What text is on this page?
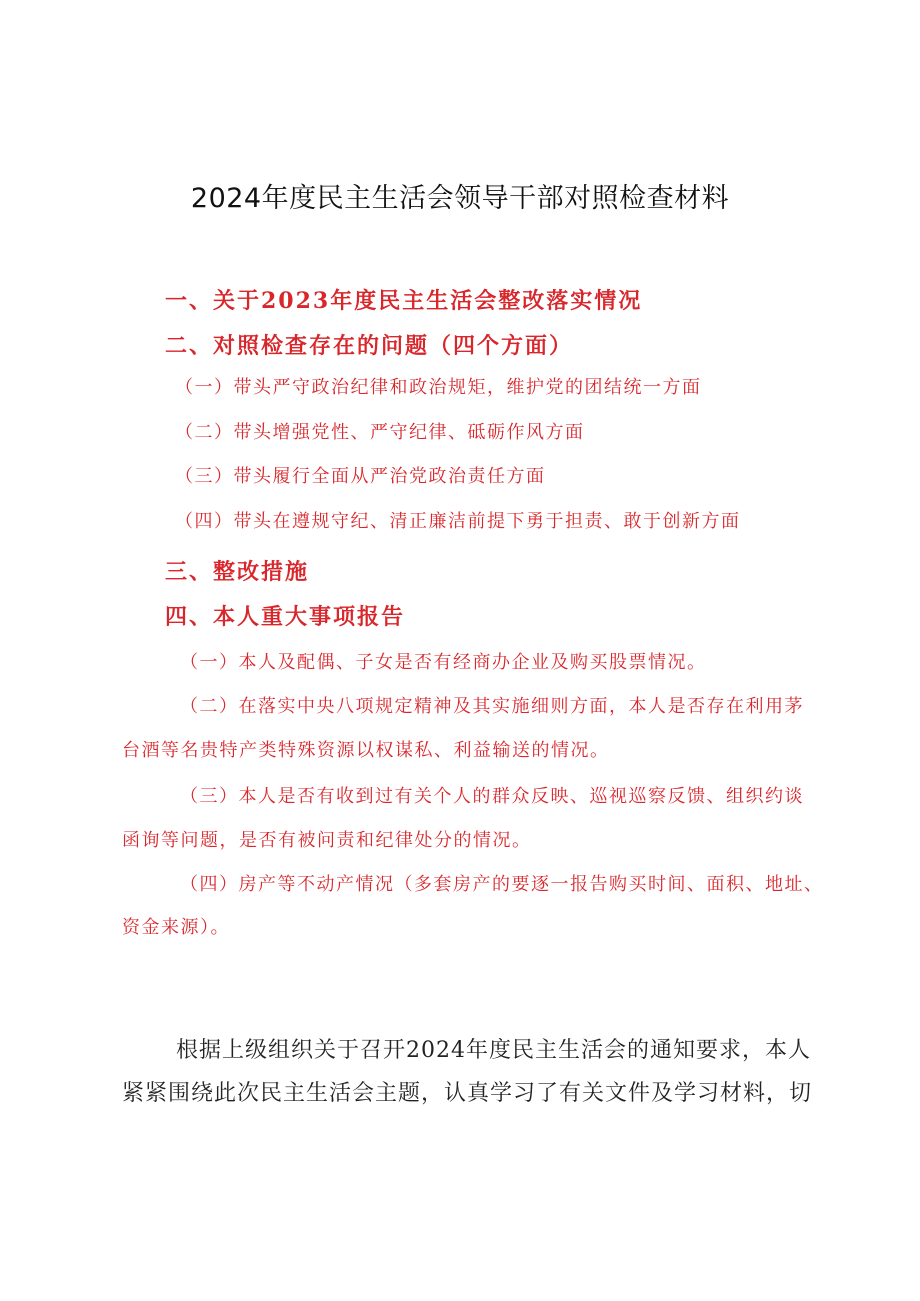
2024年度民主生活会领导干部对照检查材料
一、关于2023年度民主生活会整改落实情况
二、对照检查存在的问题（四个方面）
（一）带头严守政治纪律和政治规矩，维护党的团结统一方面
（二）带头增强党性、严守纪律、砥砺作风方面
（三）带头履行全面从严治党政治责任方面
（四）带头在遵规守纪、清正廉洁前提下勇于担责、敢于创新方面
三、整改措施
四、本人重大事项报告
（一）本人及配偶、子女是否有经商办企业及购买股票情况。
（二）在落实中央八项规定精神及其实施细则方面，本人是否存在利用茅
台酒等名贵特产类特殊资源以权谋私、利益输送的情况。
（三）本人是否有收到过有关个人的群众反映、巡视巡察反馈、组织约谈
函询等问题，是否有被问责和纪律处分的情况。
（四）房产等不动产情况（多套房产的要逐一报告购买时间、面积、地址、
资金来源）。
根据上级组织关于召开2024年度民主生活会的通知要求，本人
紧紧围绕此次民主生活会主题，认真学习了有关文件及学习材料，切
